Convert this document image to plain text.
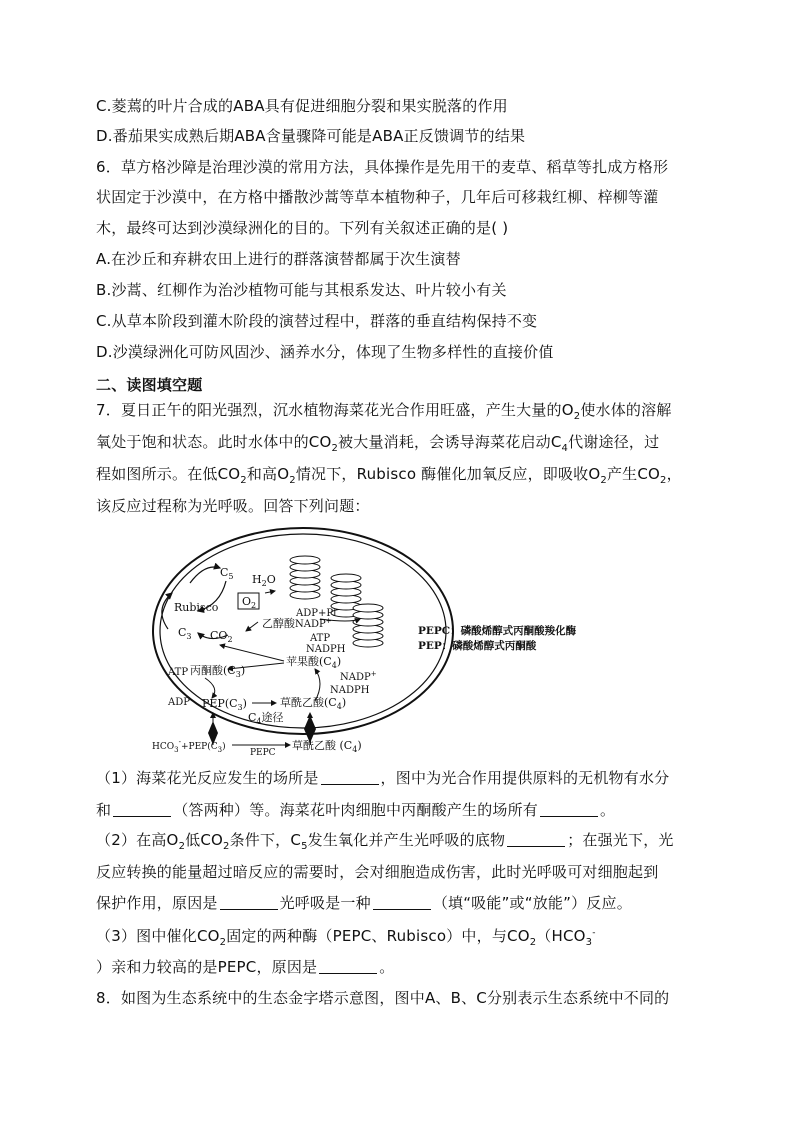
C.菱蔫的叶片合成的ABA具有促进细胞分裂和果实脱落的作用
D.番茄果实成熟后期ABA含量骤降可能是ABA正反馈调节的结果
6．草方格沙障是治理沙漠的常用方法，具体操作是先用干的麦草、稻草等扎成方格形
状固定于沙漠中，在方格中播散沙蒿等草本植物种子，几年后可移栽红柳、梓柳等灌
木，最终可达到沙漠绿洲化的目的。下列有关叙述正确的是( )
A.在沙丘和弃耕农田上进行的群落演替都属于次生演替
B.沙蒿、红柳作为治沙植物可能与其根系发达、叶片较小有关
C.从草本阶段到灌木阶段的演替过程中，群落的垂直结构保持不变
D.沙漠绿洲化可防风固沙、涵养水分，体现了生物多样性的直接价值
二、读图填空题
7．夏日正午的阳光强烈，沉水植物海菜花光合作用旺盛，产生大量的$O_2$使水体的溶解
氧处于饱和状态。此时水体中的$CO_2$被大量消耗，会诱导海菜花启动$C_4$代谢途径，过
程如图所示。在低$CO_2$和高$O_2$情况下，Rubisco 酶催化加氧反应，即吸收$O_2$产生$CO_2$，
该反应过程称为光呼吸。回答下列问题：
$C_5$ $H_2O$
Rubisco $O_2$
ADP+Pi
NADP+
乙醇酸
$C_3$ $CO_2$	ATP
NADPH
苹果酸$(C_4)$
NADP+
NADPH
ATP 丙酮酸$(C_3)$
ADP $PEP(C_3)$	草酰乙酸$(C_4)$
$C_4$途径
$HCO_3^-+PEP(C_3)$
PEPC
草酰乙酸 $(C_4)$
PEPC：磷酸烯醇式丙酮酸羧化酶
PEP：磷酸烯醇式丙酮酸
（1）海菜花光反应发生的场所是	，图中为光合作用提供原料的无机物有水分
和	（答两种）等。海菜花叶肉细胞中丙酮酸产生的场所有	。
（2）在高$O_2$低$CO_2$条件下，$C_5$发生氧化并产生光呼吸的底物	；在强光下，光
反应转换的能量超过暗反应的需要时，会对细胞造成伤害，此时光呼吸可对细胞起到
保护作用，原因是	光呼吸是一种	（填“吸能”或“放能”）反应。
（3）图中催化$CO_2$固定的两种酶（PEPC、Rubisco）中，与$CO_2(HCO_3^-$
）亲和力较高的是PEPC，原因是	。
8．如图为生态系统中的生态金字塔示意图，图中A、B、C分别表示生态系统中不同的
